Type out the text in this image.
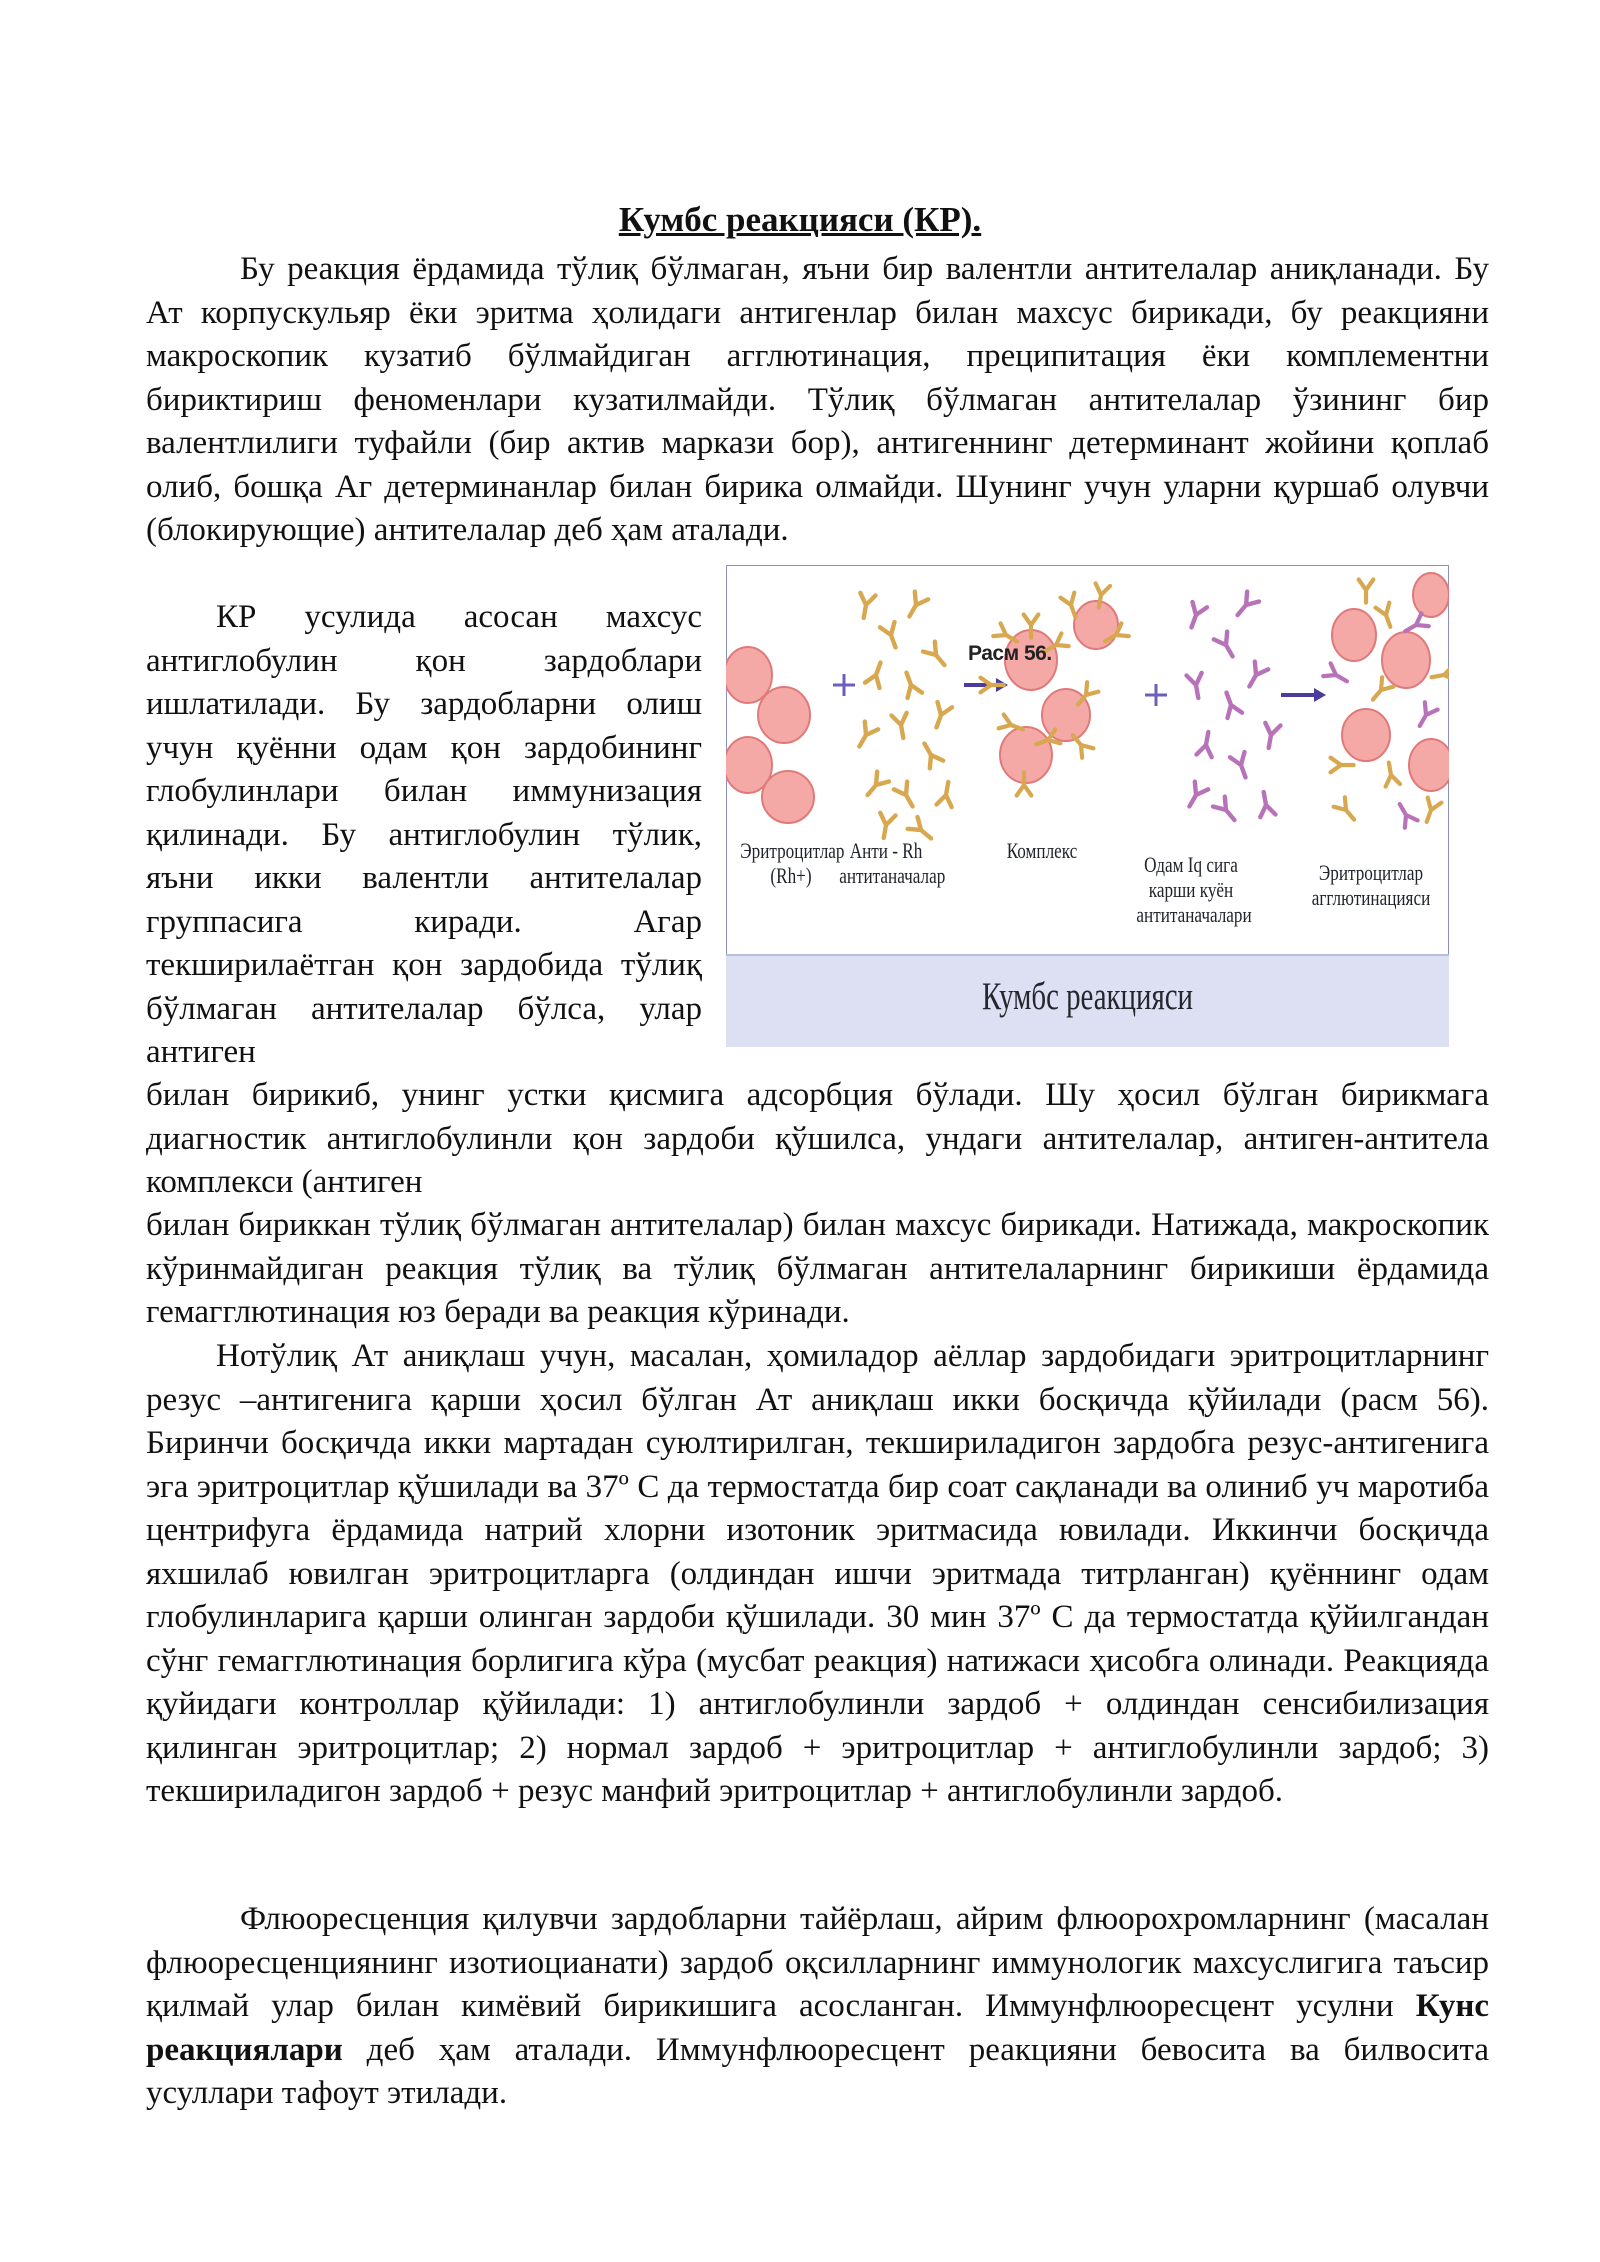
Кумбс реакцияси (КР).

Бу реакция ёрдамида тўлиқ бўлмаган, яъни бир валентли антителалар аниқланади. Бу Ат корпускульяр ёки эритма ҳолидаги антигенлар билан махсус бирикади, бу реакцияни макроскопик кузатиб бўлмайдиган агглютинация, преципитация ёки комплементни бириктириш феноменлари кузатилмайди. Тўлиқ бўлмаган антителалар ўзининг бир валентлилиги туфайли (бир актив маркази бор), антигеннинг детерминант жойини қоплаб олиб, бошқа Аг детерминанлар билан бирика олмайди. Шунинг учун уларни қуршаб олувчи (блокирующие) антителалар деб ҳам аталади.

КР усулида асосан махсус антиглобулин қон зардоблари ишлатилади. Бу зардобларни олиш учун қуённи одам қон зардобининг глобулинлари билан иммунизация қилинади. Бу антиглобулин тўлик, яъни икки валентли антителалар группасига киради. Агар текширилаётган қон зардобида тўлиқ бўлмаган антителалар бўлса, улар антиген

Расм 56.
Эритроцитлар
(Rh+)
Анти - Rh
антитаначалар
Комплекс
Одам Iq сига
карши куён
антитаначалари
Эритроцитлар
агглютинацияси
Кумбс реакцияси

билан бирикиб, унинг устки қисмига адсорбция бўлади. Шу ҳосил бўлган бирикмага диагностик антиглобулинли қон зардоби қўшилса, ундаги антителалар, антиген-антитела комплекси (антиген

билан бириккан тўлиқ бўлмаган антителалар) билан махсус бирикади. Натижада, макроскопик кўринмайдиган реакция тўлиқ ва тўлиқ бўлмаган антителаларнинг бирикиши ёрдамида гемагглютинация юз беради ва реакция кўринади.

Нотўлиқ Ат аниқлаш учун, масалан, ҳомиладор аёллар зардобидаги эритроцитларнинг резус –антигенига қарши ҳосил бўлган Ат аниқлаш икки босқичда қўйилади (расм 56). Биринчи босқичда икки мартадан суюлтирилган, текшириладигон зардобга резус-антигенига эга эритроцитлар қўшилади ва 37º С да термостатда бир соат сақланади ва олиниб уч маротиба центрифуга ёрдамида натрий хлорни изотоник эритмасида ювилади. Иккинчи босқичда яхшилаб ювилган эритроцитларга (олдиндан ишчи эритмада титрланган) қуённинг одам глобулинларига қарши олинган зардоби қўшилади. 30 мин 37º С да термостатда қўйилгандан сўнг гемагглютинация борлигига кўра (мусбат реакция) натижаси ҳисобга олинади. Реакцияда қуйидаги контроллар қўйилади: 1) антиглобулинли зардоб + олдиндан сенсибилизация қилинган эритроцитлар; 2) нормал зардоб + эритроцитлар + антиглобулинли зардоб; 3) текшириладигон зардоб + резус манфий эритроцитлар + антиглобулинли зардоб.

Флюоресценция қилувчи зардобларни тайёрлаш, айрим флюорохромларнинг (масалан флюоресценциянинг изотиоцианати) зардоб оқсилларнинг иммунологик махсуслигига таъсир қилмай улар билан кимёвий бирикишига асосланган. Иммунфлюоресцент усулни Кунс реакциялари деб ҳам аталади. Иммунфлюоресцент реакцияни бевосита ва билвосита усуллари тафоут этилади.
